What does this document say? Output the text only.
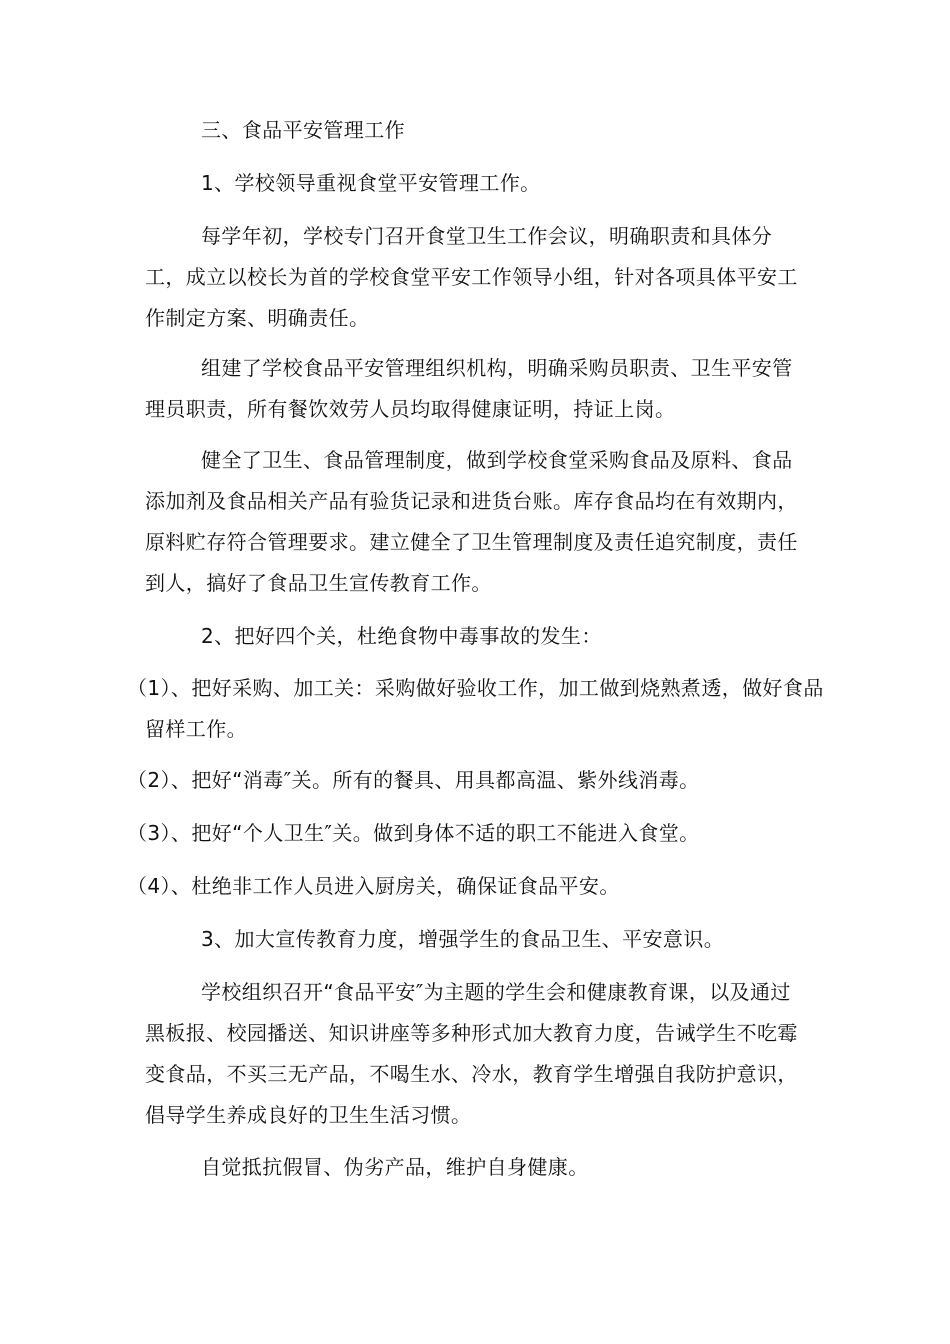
三、食品平安管理工作

1、学校领导重视食堂平安管理工作。

每学年初，学校专门召开食堂卫生工作会议，明确职责和具体分工，成立以校长为首的学校食堂平安工作领导小组，针对各项具体平安工作制定方案、明确责任。

组建了学校食品平安管理组织机构，明确采购员职责、卫生平安管理员职责，所有餐饮效劳人员均取得健康证明，持证上岗。

健全了卫生、食品管理制度，做到学校食堂采购食品及原料、食品添加剂及食品相关产品有验货记录和进货台账。库存食品均在有效期内，原料贮存符合管理要求。建立健全了卫生管理制度及责任追究制度，责任到人，搞好了食品卫生宣传教育工作。

2、把好四个关，杜绝食物中毒事故的发生：

（1）、把好采购、加工关：采购做好验收工作，加工做到烧熟煮透，做好食品留样工作。

（2）、把好“消毒″关。所有的餐具、用具都高温、紫外线消毒。

（3）、把好“个人卫生″关。做到身体不适的职工不能进入食堂。

（4）、杜绝非工作人员进入厨房关，确保证食品平安。

3、加大宣传教育力度，增强学生的食品卫生、平安意识。

学校组织召开“食品平安″为主题的学生会和健康教育课，以及通过黑板报、校园播送、知识讲座等多种形式加大教育力度，告诫学生不吃霉变食品，不买三无产品，不喝生水、冷水，教育学生增强自我防护意识，倡导学生养成良好的卫生生活习惯。

自觉抵抗假冒、伪劣产品，维护自身健康。
